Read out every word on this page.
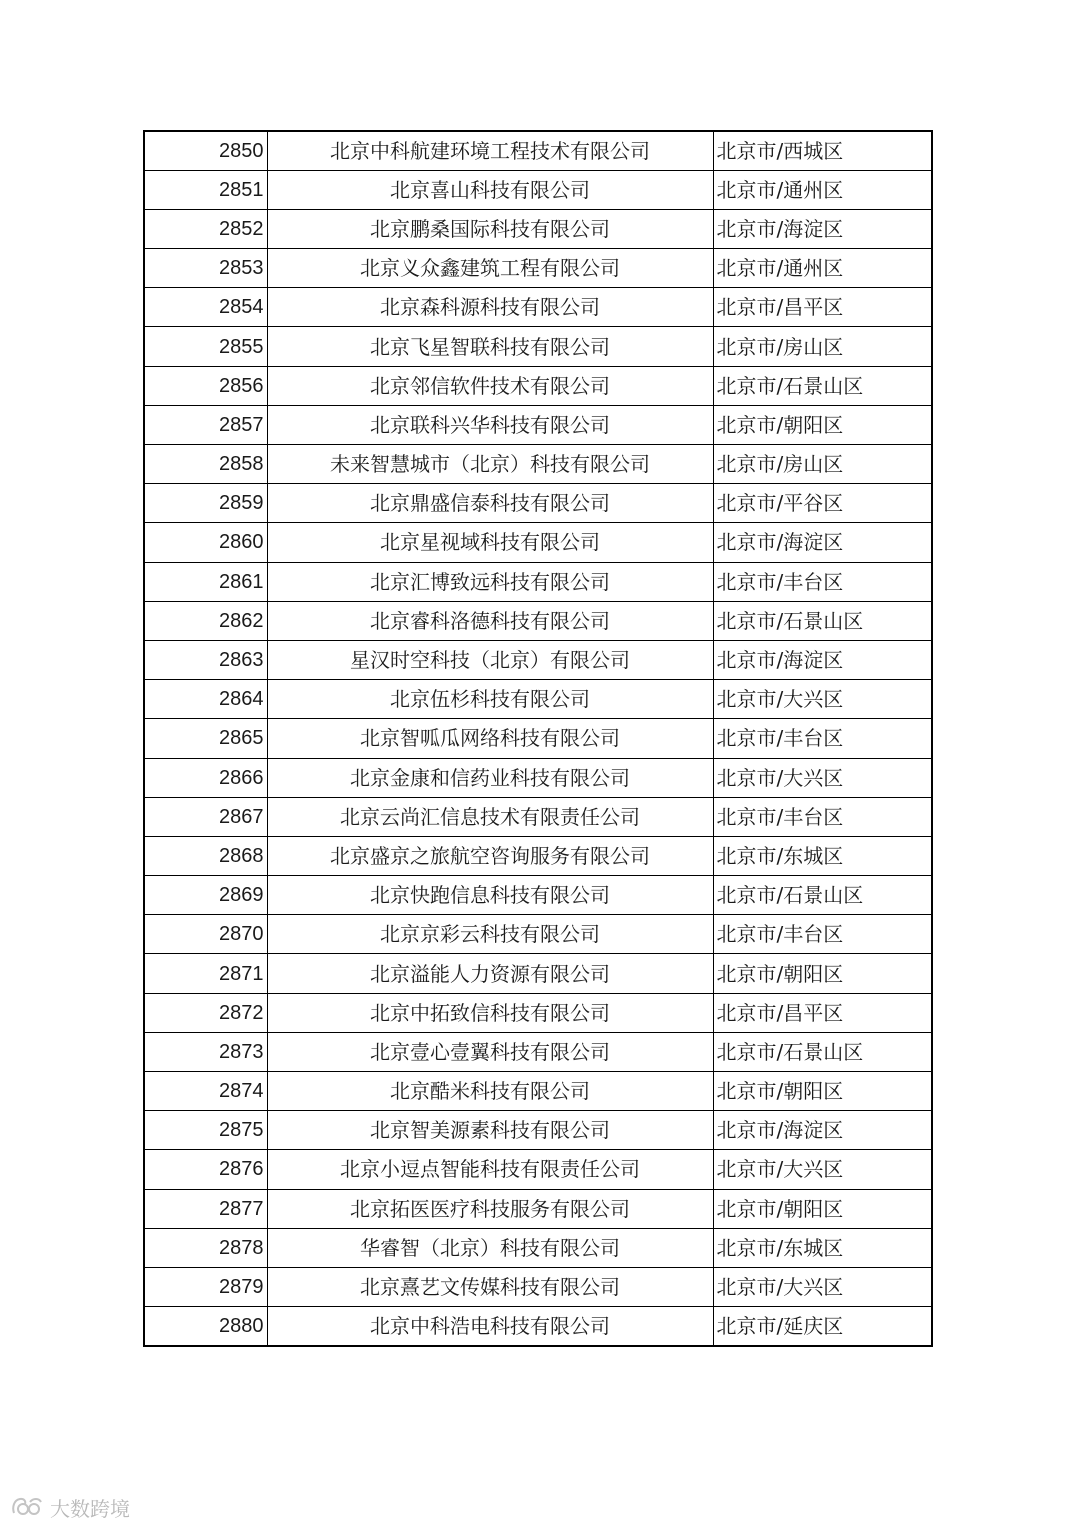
2850	北京中科航建环境工程技术有限公司	北京市/西城区
2851	北京喜山科技有限公司	北京市/通州区
2852	北京鹏桑国际科技有限公司	北京市/海淀区
2853	北京义众鑫建筑工程有限公司	北京市/通州区
2854	北京森科源科技有限公司	北京市/昌平区
2855	北京飞星智联科技有限公司	北京市/房山区
2856	北京邻信软件技术有限公司	北京市/石景山区
2857	北京联科兴华科技有限公司	北京市/朝阳区
2858	未来智慧城市（北京）科技有限公司	北京市/房山区
2859	北京鼎盛信泰科技有限公司	北京市/平谷区
2860	北京星视域科技有限公司	北京市/海淀区
2861	北京汇博致远科技有限公司	北京市/丰台区
2862	北京睿科洛德科技有限公司	北京市/石景山区
2863	星汉时空科技（北京）有限公司	北京市/海淀区
2864	北京伍杉科技有限公司	北京市/大兴区
2865	北京智呱瓜网络科技有限公司	北京市/丰台区
2866	北京金康和信药业科技有限公司	北京市/大兴区
2867	北京云尚汇信息技术有限责任公司	北京市/丰台区
2868	北京盛京之旅航空咨询服务有限公司	北京市/东城区
2869	北京快跑信息科技有限公司	北京市/石景山区
2870	北京京彩云科技有限公司	北京市/丰台区
2871	北京溢能人力资源有限公司	北京市/朝阳区
2872	北京中拓致信科技有限公司	北京市/昌平区
2873	北京壹心壹翼科技有限公司	北京市/石景山区
2874	北京酷米科技有限公司	北京市/朝阳区
2875	北京智美源素科技有限公司	北京市/海淀区
2876	北京小逗点智能科技有限责任公司	北京市/大兴区
2877	北京拓医医疗科技服务有限公司	北京市/朝阳区
2878	华睿智（北京）科技有限公司	北京市/东城区
2879	北京熹艺文传媒科技有限公司	北京市/大兴区
2880	北京中科浩电科技有限公司	北京市/延庆区
大数跨境
